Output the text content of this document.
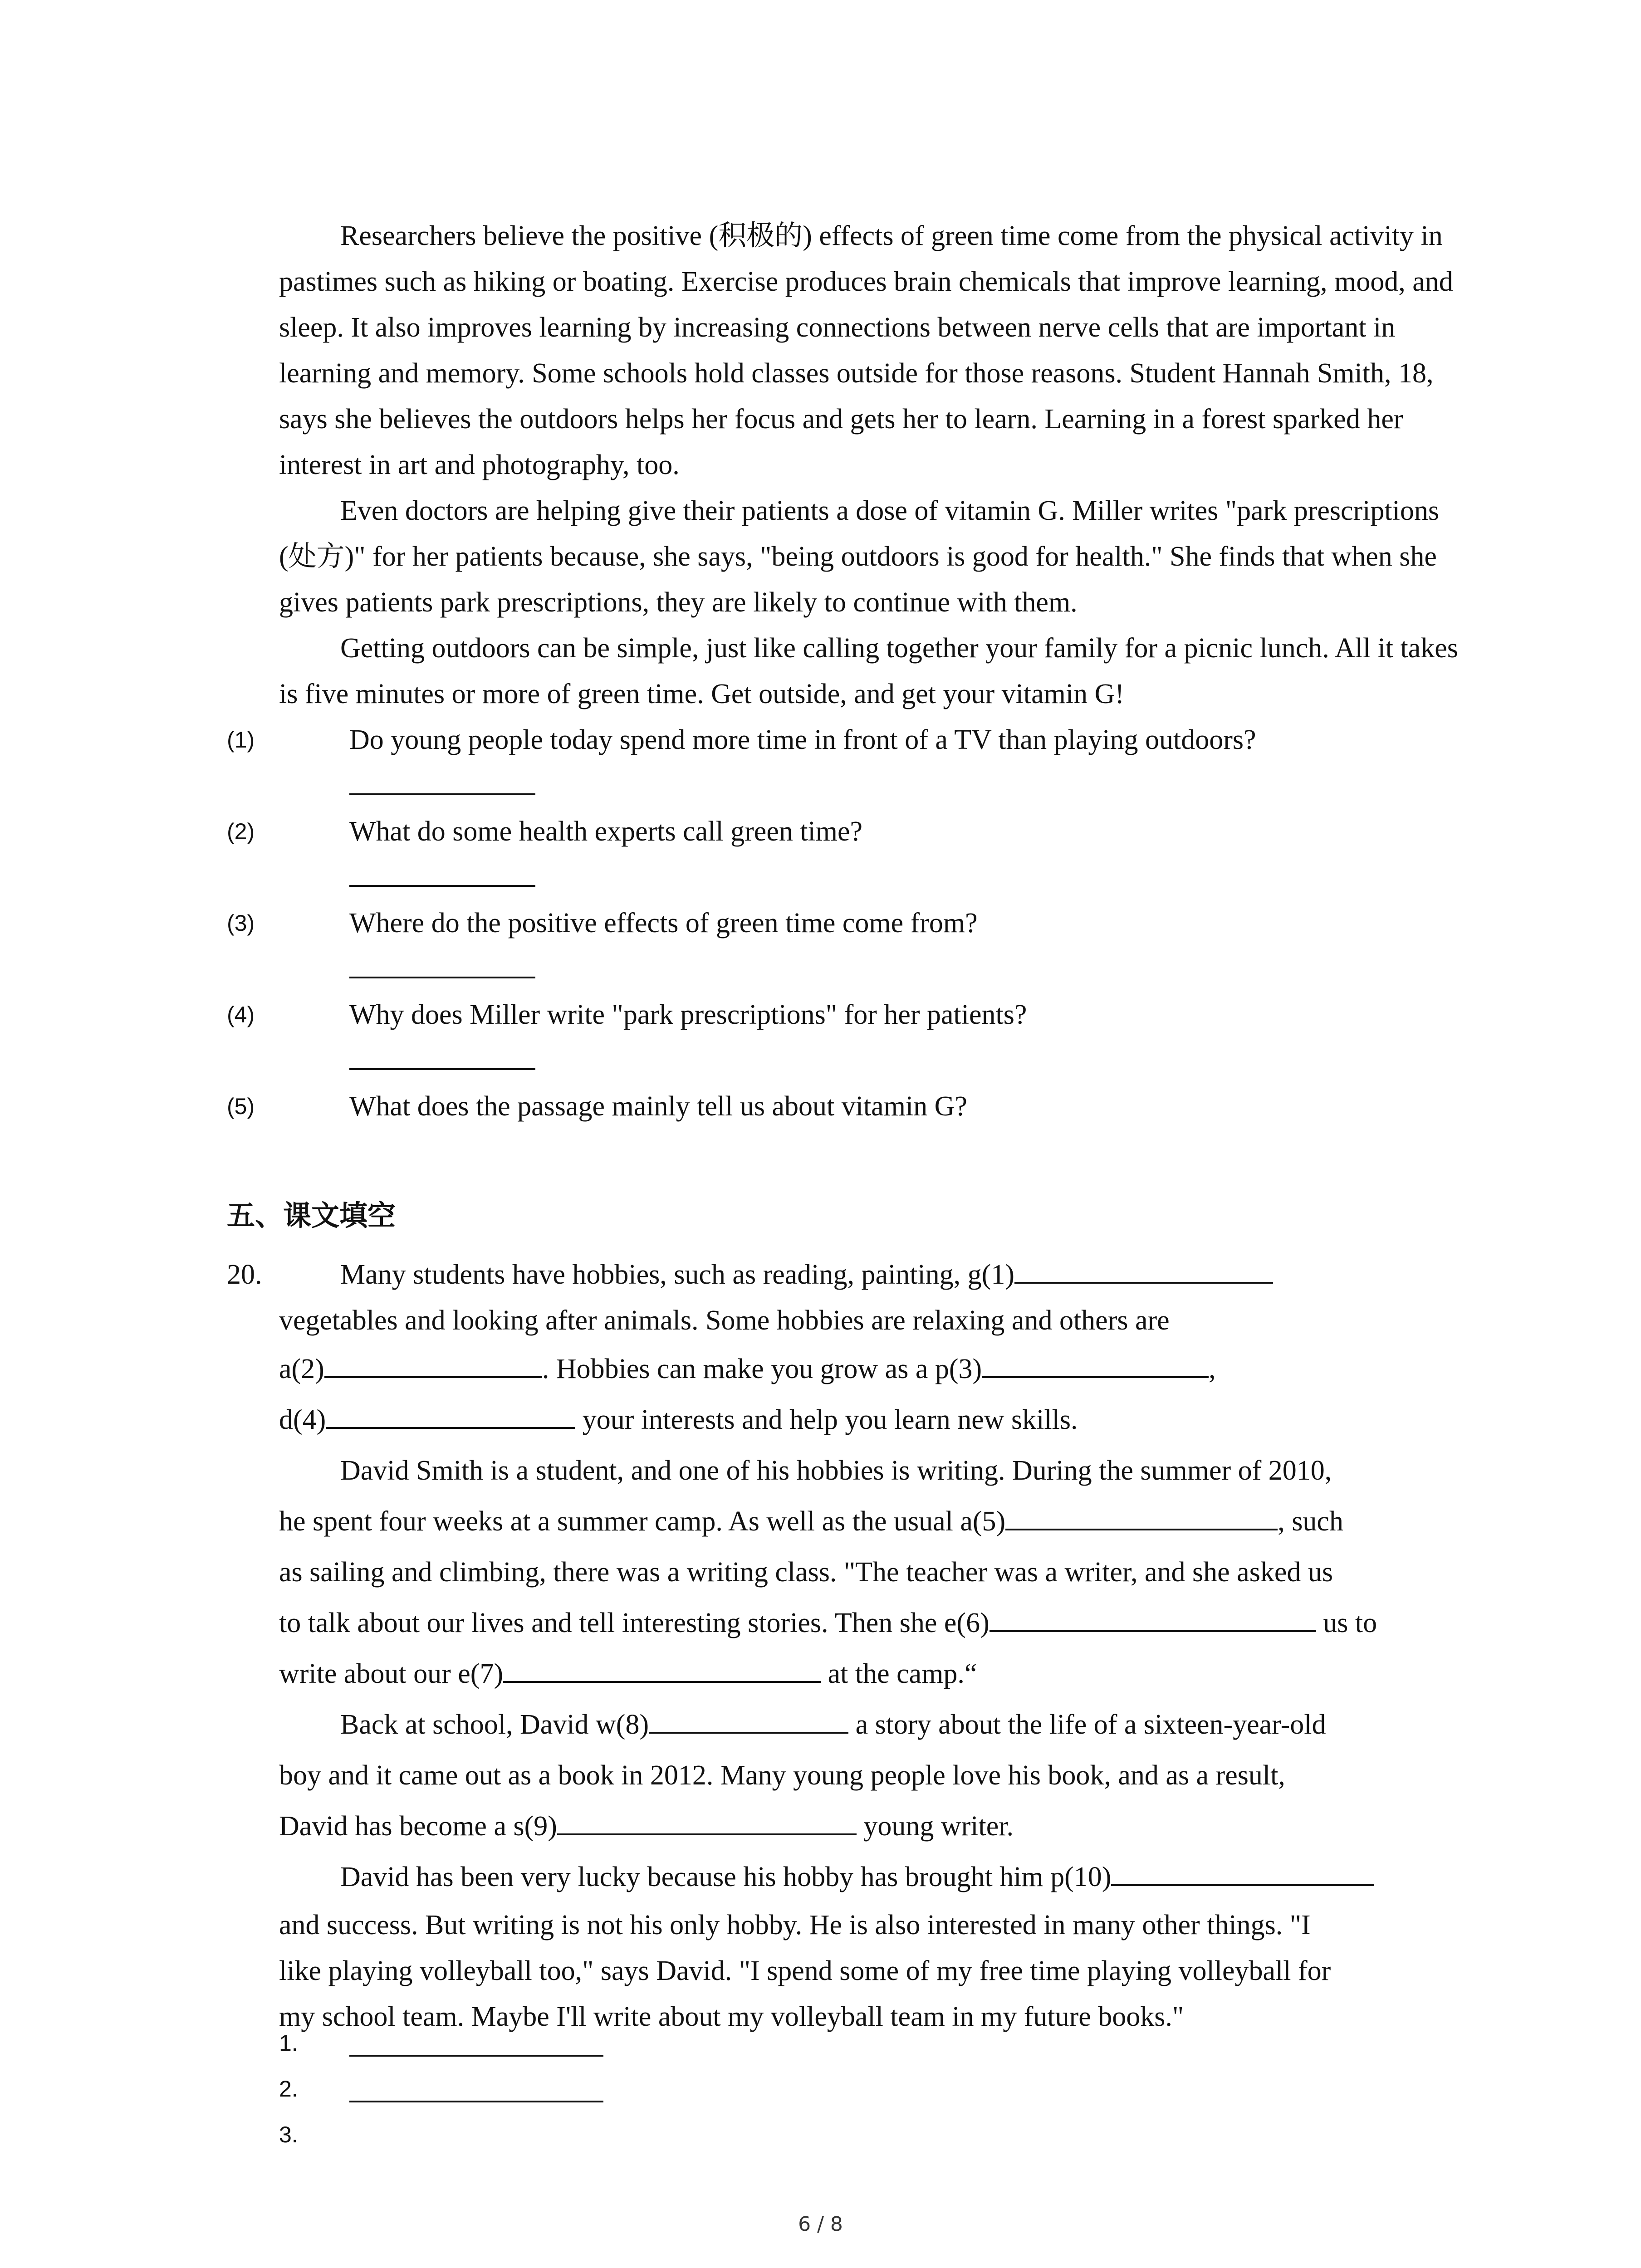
Researchers believe the positive (积极的) effects of green time come from the physical activity in pastimes such as hiking or boating. Exercise produces brain chemicals that improve learning, mood, and sleep. It also improves learning by increasing connections between nerve cells that are important in learning and memory. Some schools hold classes outside for those reasons. Student Hannah Smith, 18, says she believes the outdoors helps her focus and gets her to learn. Learning in a forest sparked her interest in art and photography, too.

Even doctors are helping give their patients a dose of vitamin G. Miller writes "park prescriptions (处方)" for her patients because, she says, "being outdoors is good for health." She finds that when she gives patients park prescriptions, they are likely to continue with them.

Getting outdoors can be simple, just like calling together your family for a picnic lunch. All it takes is five minutes or more of green time. Get outside, and get your vitamin G!

(1)	Do young people today spend more time in front of a TV than playing outdoors?
(2)	What do some health experts call green time?
(3)	Where do the positive effects of green time come from?
(4)	Why does Miller write "park prescriptions" for her patients?
(5)	What does the passage mainly tell us about vitamin G?
五、课文填空
20.	Many students have hobbies, such as reading, painting, g(1)

vegetables and looking after animals. Some hobbies are relaxing and others are

a(2)	. Hobbies can make you grow as a p(3)	,

d(4)	your interests and help you learn new skills.

David Smith is a student, and one of his hobbies is writing. During the summer of 2010,

he spent four weeks at a summer camp. As well as the usual a(5)	, such

as sailing and climbing, there was a writing class. "The teacher was a writer, and she asked us

to talk about our lives and tell interesting stories. Then she e(6)	us to

write about our e(7)	at the camp.“

Back at school, David w(8)	a story about the life of a sixteen-year-old

boy and it came out as a book in 2012. Many young people love his book, and as a result,

David has become a s(9)	young writer.

David has been very lucky because his hobby has brought him p(10)

and success. But writing is not his only hobby. He is also interested in many other things. "I

like playing volleyball too," says David. "I spend some of my free time playing volleyball for

my school team. Maybe I'll write about my volleyball team in my future books."

1.
2.
3.
6 / 8
